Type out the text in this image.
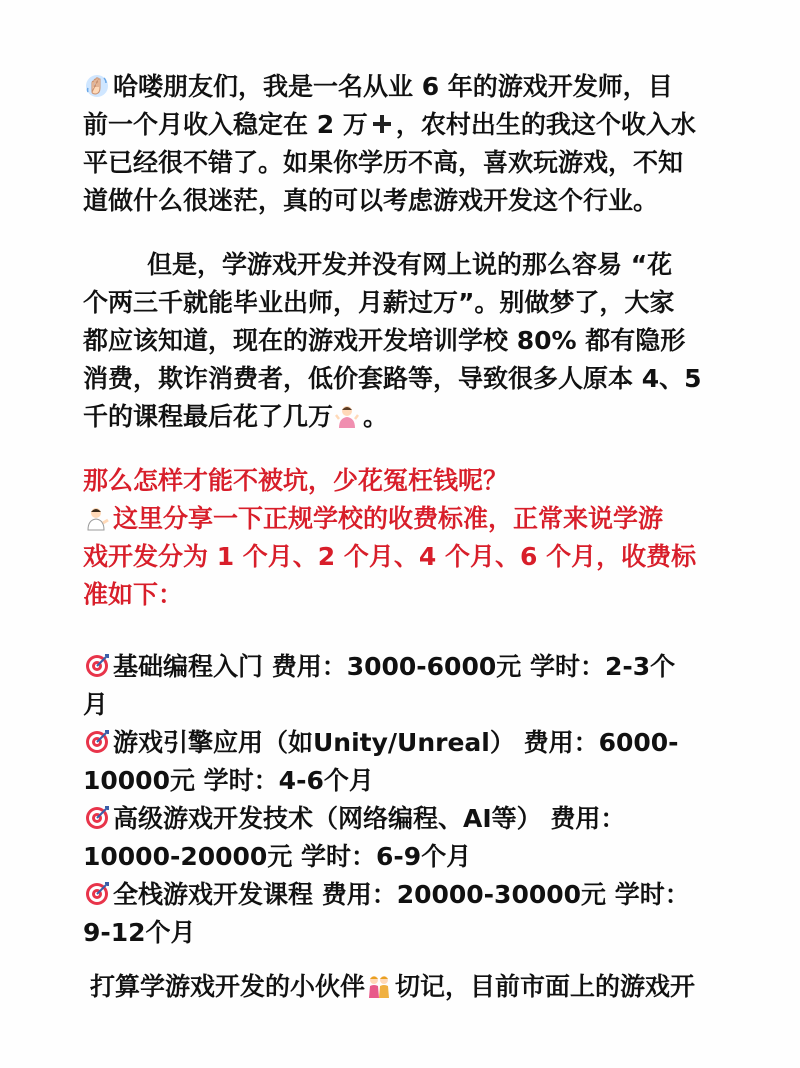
哈喽朋友们，我是一名从业 6 年的游戏开发师，目
前一个月收入稳定在 2 万 ，农村出生的我这个收入水
平已经很不错了。如果你学历不高，喜欢玩游戏，不知
道做什么很迷茫，真的可以考虑游戏开发这个行业。
但是，学游戏开发并没有网上说的那么容易 “花
个两三千就能毕业出师，月薪过万”。别做梦了，大家
都应该知道，现在的游戏开发培训学校 80% 都有隐形
消费，欺诈消费者，低价套路等，导致很多人原本 4、5
千的课程最后花了几万 。
那么怎样才能不被坑，少花冤枉钱呢？
这里分享一下正规学校的收费标准，正常来说学游
戏开发分为 1 个月、2 个月、4 个月、6 个月，收费标
准如下：
基础编程入门 费用：3000-6000元 学时：2-3个
月
游戏引擎应用（如Unity/Unreal） 费用：6000-
10000元 学时：4-6个月
高级游戏开发技术（网络编程、AI等） 费用：
10000-20000元 学时：6-9个月
全栈游戏开发课程 费用：20000-30000元 学时：
9-12个月
打算学游戏开发的小伙伴 切记，目前市面上的游戏开
